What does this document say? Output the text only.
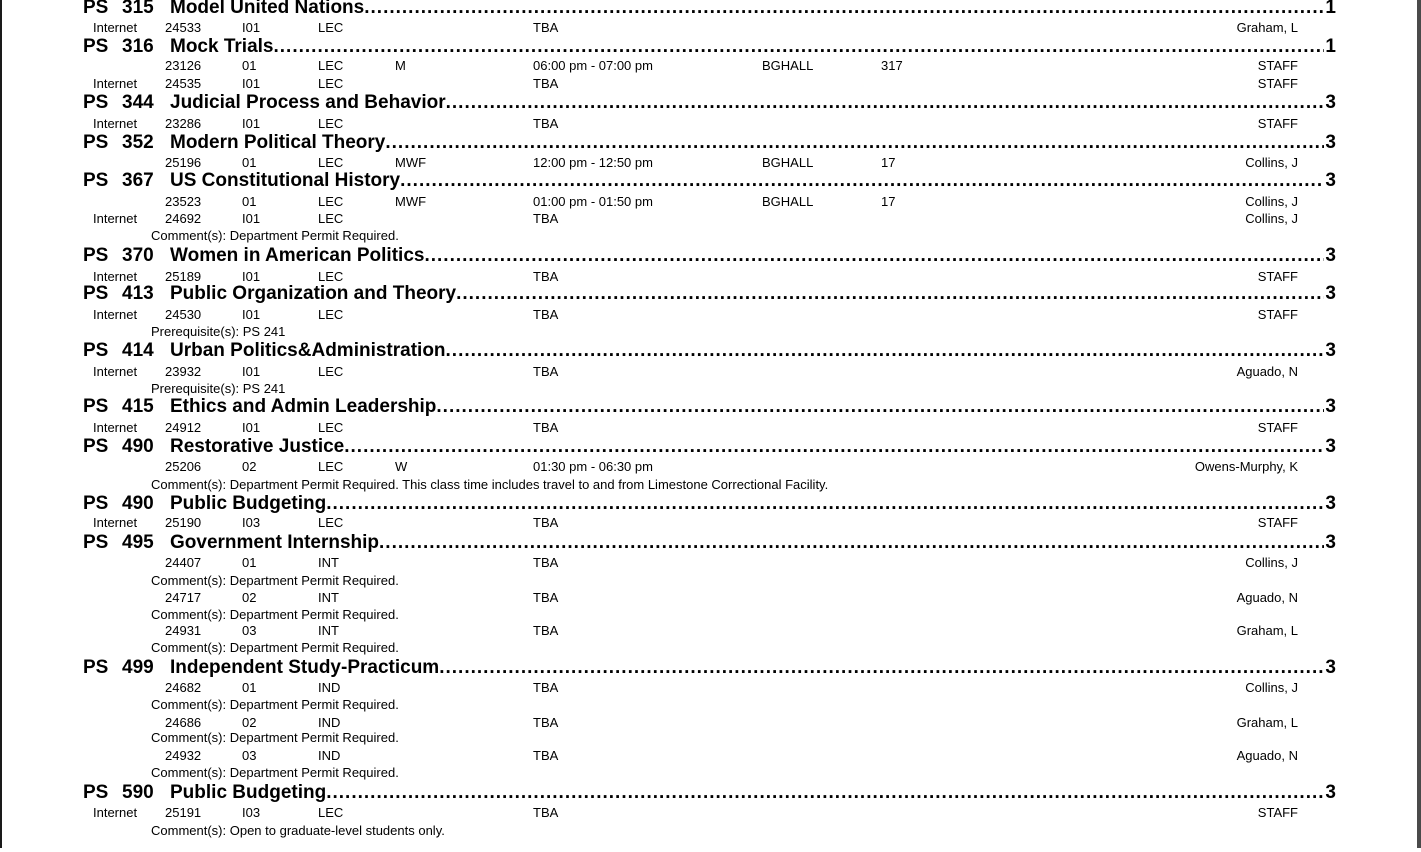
PS 315 Model United Nations .....	1
Internet 24533	I01	LEC	TBA	Graham, L
PS 316 Mock Trials .....	1
23126	01	LEC	M	06:00 pm - 07:00 pm	BGHALL	317	STAFF
Internet 24535	I01	LEC	TBA	STAFF
PS 344 Judicial Process and Behavior .....	3
Internet 23286	I01	LEC	TBA	STAFF
PS 352 Modern Political Theory .....	3
25196	01	LEC	MWF	12:00 pm - 12:50 pm	BGHALL	17	Collins, J
PS 367 US Constitutional History .....	3
23523	01	LEC	MWF	01:00 pm - 01:50 pm	BGHALL	17	Collins, J
Internet 24692	I01	LEC	TBA	Collins, J
Comment(s): Department Permit Required.
PS 370 Women in American Politics .....	3
Internet 25189	I01	LEC	TBA	STAFF
PS 413 Public Organization and Theory .....	3
Internet 24530	I01	LEC	TBA	STAFF
Prerequisite(s): PS 241
PS 414 Urban Politics&Administration .....	3
Internet 23932	I01	LEC	TBA	Aguado, N
Prerequisite(s): PS 241
PS 415 Ethics and Admin Leadership .....	3
Internet 24912	I01	LEC	TBA	STAFF
PS 490 Restorative Justice .....	3
25206	02	LEC	W	01:30 pm - 06:30 pm	Owens-Murphy, K
Comment(s): Department Permit Required. This class time includes travel to and from Limestone Correctional Facility.
PS 490 Public Budgeting .....	3
Internet 25190	I03	LEC	TBA	STAFF
PS 495 Government Internship .....	3
24407	01	INT	TBA	Collins, J
Comment(s): Department Permit Required.
24717	02	INT	TBA	Aguado, N
Comment(s): Department Permit Required.
24931	03	INT	TBA	Graham, L
Comment(s): Department Permit Required.
PS 499 Independent Study-Practicum .....	3
24682	01	IND	TBA	Collins, J
Comment(s): Department Permit Required.
24686	02	IND	TBA	Graham, L
Comment(s): Department Permit Required.
24932	03	IND	TBA	Aguado, N
Comment(s): Department Permit Required.
PS 590 Public Budgeting .....	3
Internet 25191	I03	LEC	TBA	STAFF
Comment(s): Open to graduate-level students only.
